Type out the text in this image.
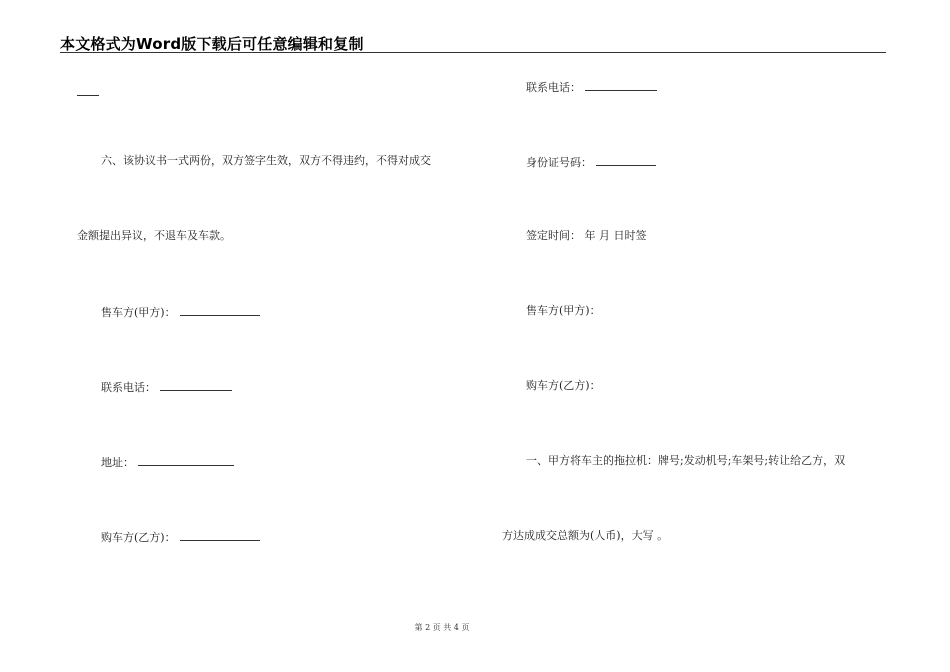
本文格式为Word版下载后可任意编辑和复制
六、该协议书一式两份，双方签字生效，双方不得违约，不得对成交
金额提出异议，不退车及车款。
售车方(甲方)：
联系电话：
地址：
购车方(乙方)：
联系电话：
身份证号码：
签定时间： 年 月 日时签
售车方(甲方)：
购车方(乙方)：
一、甲方将车主的拖拉机：牌号;发动机号;车架号;转让给乙方，双
方达成成交总额为(人币)，大写 。
第 2 页 共 4 页
